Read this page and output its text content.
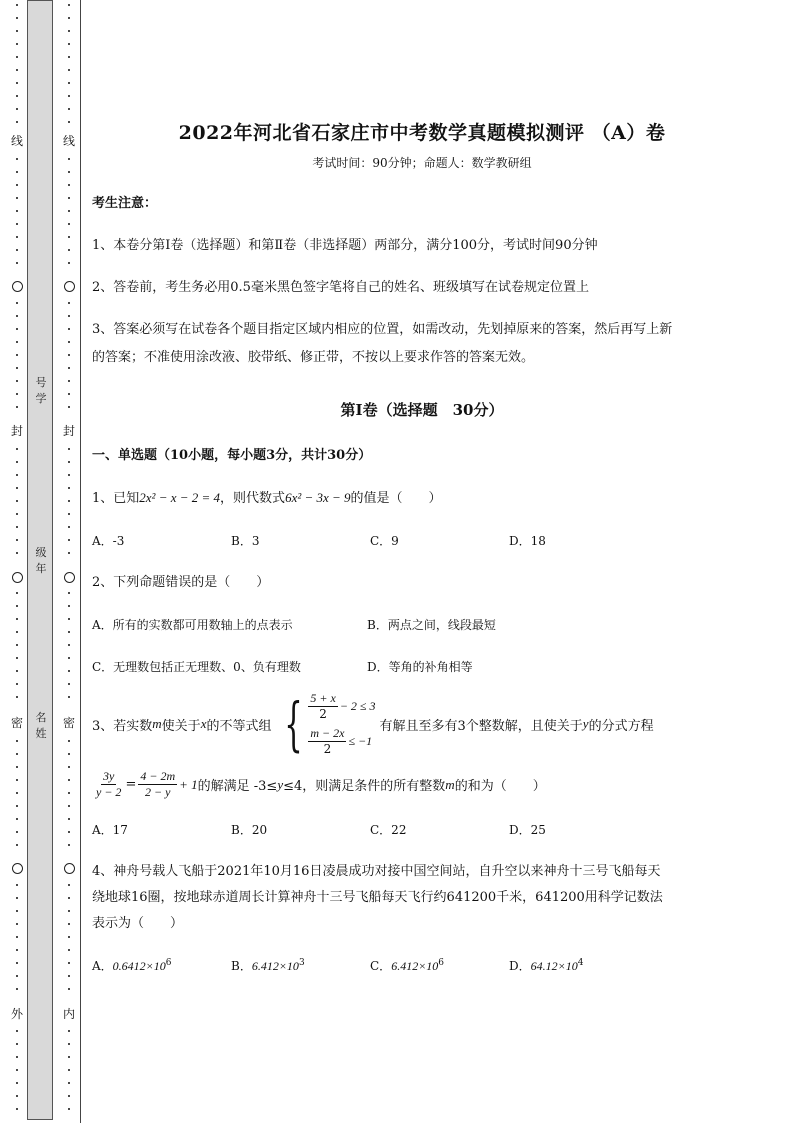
线
封
密
外
号
学
级
年
名
姓
线
封
密
内
2022年河北省石家庄市中考数学真题模拟测评 （A）卷
考试时间：90分钟；命题人：数学教研组
考生注意：
1、本卷分第I卷（选择题）和第Ⅱ卷（非选择题）两部分，满分100分，考试时间90分钟
2、答卷前，考生务必用0.5毫米黑色签字笔将自己的姓名、班级填写在试卷规定位置上
3、答案必须写在试卷各个题目指定区域内相应的位置，如需改动，先划掉原来的答案，然后再写上新
的答案；不准使用涂改液、胶带纸、修正带，不按以上要求作答的答案无效。
第I卷（选择题　30分）
一、单选题（10小题，每小题3分，共计30分）
1、已知2x² − x − 2 = 4，则代数式6x² − 3x − 9的值是（　　）
A．-3	B．3	C．9	D．18
2、下列命题错误的是（　　）
A．所有的实数都可用数轴上的点表示	B．两点之间，线段最短
C．无理数包括正无理数、0、负有理数	D．等角的补角相等
3、若实数 m 使关于 x 的不等式组 { $\frac{5 + x}{2} - 2 \le 3$
$\frac{m - 2x}{2} \le -1$
有解且至多有3个整数解，且使关于 y 的分式方程
$\frac{3y}{y - 2} = \frac{4 - 2m}{2 - y} + 1$ 的解满足 -3≤ y ≤4，则满足条件的所有整数 m 的和为（　　）
A．17	B．20	C．22	D．25
4、神舟号载人飞船于2021年10月16日凌晨成功对接中国空间站，自升空以来神舟十三号飞船每天
绕地球16圈，按地球赤道周长计算神舟十三号飞船每天飞行约641200千米，641200用科学记数法
表示为（　　）
A．$0.6412\times 10^6$	B．$6.412\times 10^3$	C．$6.412\times 10^6$	D．$64.12\times 10^4$
